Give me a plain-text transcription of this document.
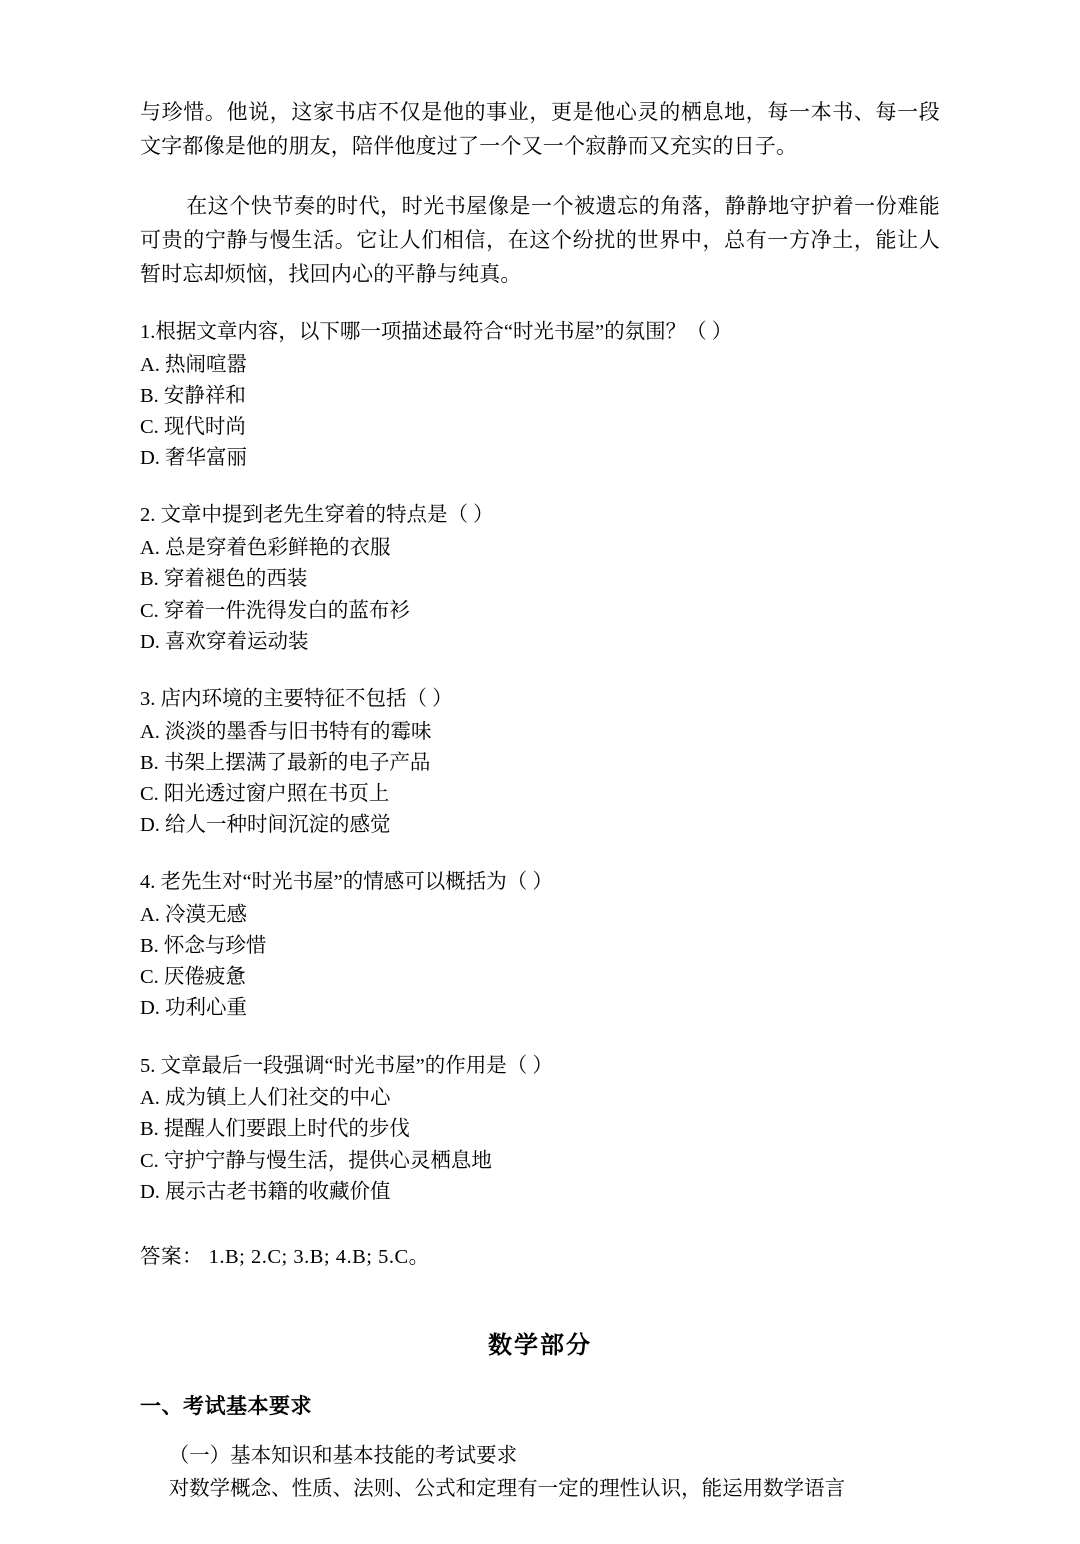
与珍惜。他说，这家书店不仅是他的事业，更是他心灵的栖息地，每一本书、每一段文字都像是他的朋友，陪伴他度过了一个又一个寂静而又充实的日子。

在这个快节奏的时代，时光书屋像是一个被遗忘的角落，静静地守护着一份难能可贵的宁静与慢生活。它让人们相信，在这个纷扰的世界中，总有一方净土，能让人暂时忘却烦恼，找回内心的平静与纯真。

1.根据文章内容，以下哪一项描述最符合“时光书屋”的氛围？（ ）

A. 热闹喧嚣

B. 安静祥和

C. 现代时尚

D. 奢华富丽

2. 文章中提到老先生穿着的特点是（ ）

A. 总是穿着色彩鲜艳的衣服

B. 穿着褪色的西装

C. 穿着一件洗得发白的蓝布衫

D. 喜欢穿着运动装

3. 店内环境的主要特征不包括（ ）

A. 淡淡的墨香与旧书特有的霉味

B. 书架上摆满了最新的电子产品

C. 阳光透过窗户照在书页上

D. 给人一种时间沉淀的感觉

4. 老先生对“时光书屋”的情感可以概括为（ ）

A. 冷漠无感

B. 怀念与珍惜

C. 厌倦疲惫

D. 功利心重

5. 文章最后一段强调“时光书屋”的作用是（ ）

A. 成为镇上人们社交的中心

B. 提醒人们要跟上时代的步伐

C. 守护宁静与慢生活，提供心灵栖息地

D. 展示古老书籍的收藏价值

答案： 1.B; 2.C; 3.B; 4.B; 5.C。

数学部分
一、考试基本要求

（一）基本知识和基本技能的考试要求

对数学概念、性质、法则、公式和定理有一定的理性认识，能运用数学语言
